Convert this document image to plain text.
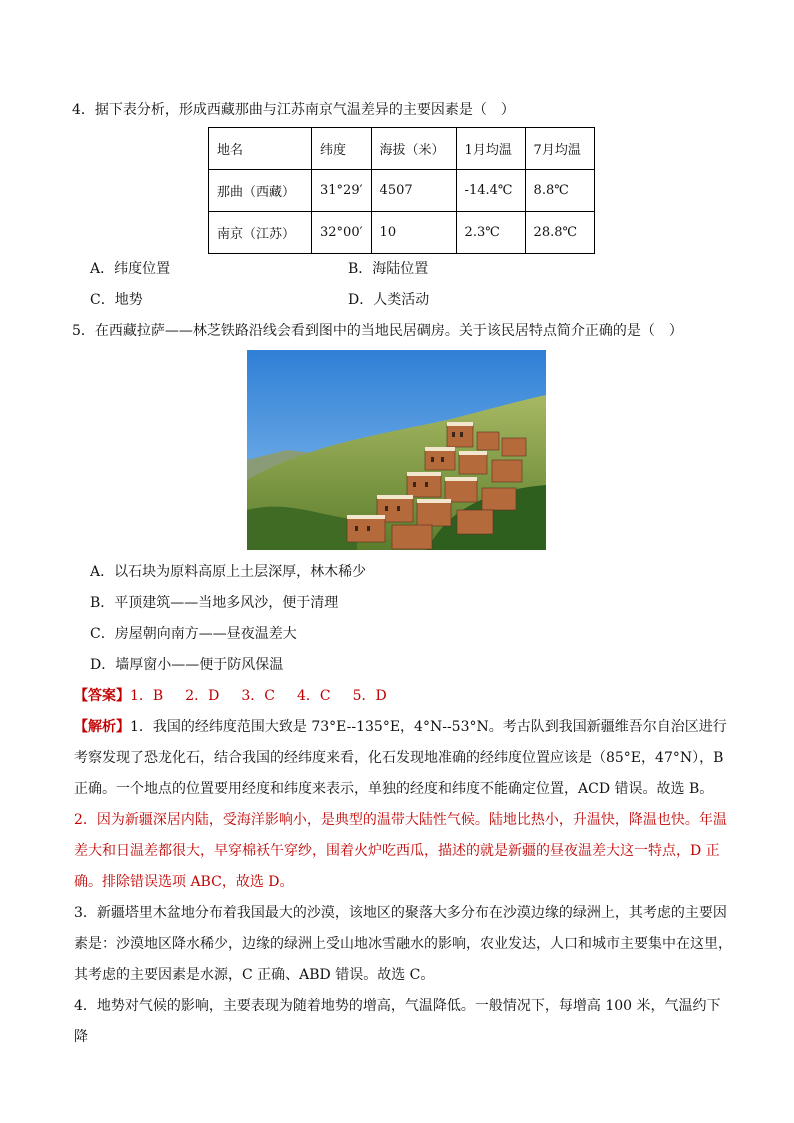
4．据下表分析，形成西藏那曲与江苏南京气温差异的主要因素是（　）
地名	纬度	海拔（米）	1月均温	7月均温
那曲（西藏）	31°29′	4507	-14.4℃	8.8℃
南京（江苏）	32°00′	10	2.3℃	28.8℃
A．纬度位置	B．海陆位置
C．地势	D．人类活动
5．在西藏拉萨——林芝铁路沿线会看到图中的当地民居碉房。关于该民居特点简介正确的是（　）
A．以石块为原料高原上土层深厚，林木稀少
B．平顶建筑——当地多风沙，便于清理
C．房屋朝向南方——昼夜温差大
D．墙厚窗小——便于防风保温
【答案】1．B 2．D 3．C 4．C 5．D
【解析】1．我国的经纬度范围大致是 73°E--135°E，4°N--53°N。考古队到我国新疆维吾尔自治区进行考察发现了恐龙化石，结合我国的经纬度来看，化石发现地准确的经纬度位置应该是（85°E，47°N），B 正确。一个地点的位置要用经度和纬度来表示，单独的经度和纬度不能确定位置，ACD 错误。故选 B。
2．因为新疆深居内陆，受海洋影响小，是典型的温带大陆性气候。陆地比热小，升温快，降温也快。年温差大和日温差都很大，早穿棉袄午穿纱，围着火炉吃西瓜，描述的就是新疆的昼夜温差大这一特点，D 正确。排除错误选项 ABC，故选 D。
3．新疆塔里木盆地分布着我国最大的沙漠，该地区的聚落大多分布在沙漠边缘的绿洲上，其考虑的主要因素是：沙漠地区降水稀少，边缘的绿洲上受山地冰雪融水的影响，农业发达，人口和城市主要集中在这里，其考虑的主要因素是水源，C 正确、ABD 错误。故选 C。
4．地势对气候的影响，主要表现为随着地势的增高，气温降低。一般情况下，每增高 100 米，气温约下降
